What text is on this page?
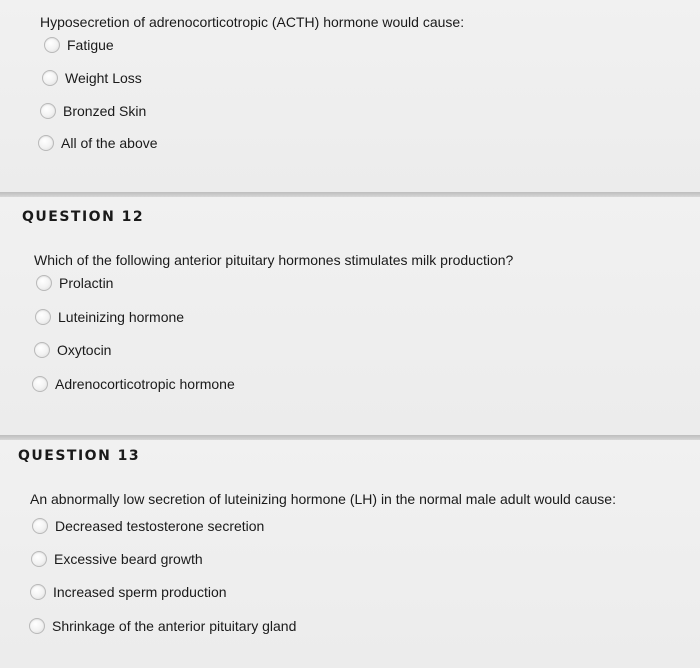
Hyposecretion of adrenocorticotropic (ACTH) hormone would cause:
Fatigue
Weight Loss
Bronzed Skin
All of the above
QUESTION 12
Which of the following anterior pituitary hormones stimulates milk production?
Prolactin
Luteinizing hormone
Oxytocin
Adrenocorticotropic hormone
QUESTION 13
An abnormally low secretion of luteinizing hormone (LH) in the normal male adult would cause:
Decreased testosterone secretion
Excessive beard growth
Increased sperm production
Shrinkage of the anterior pituitary gland
